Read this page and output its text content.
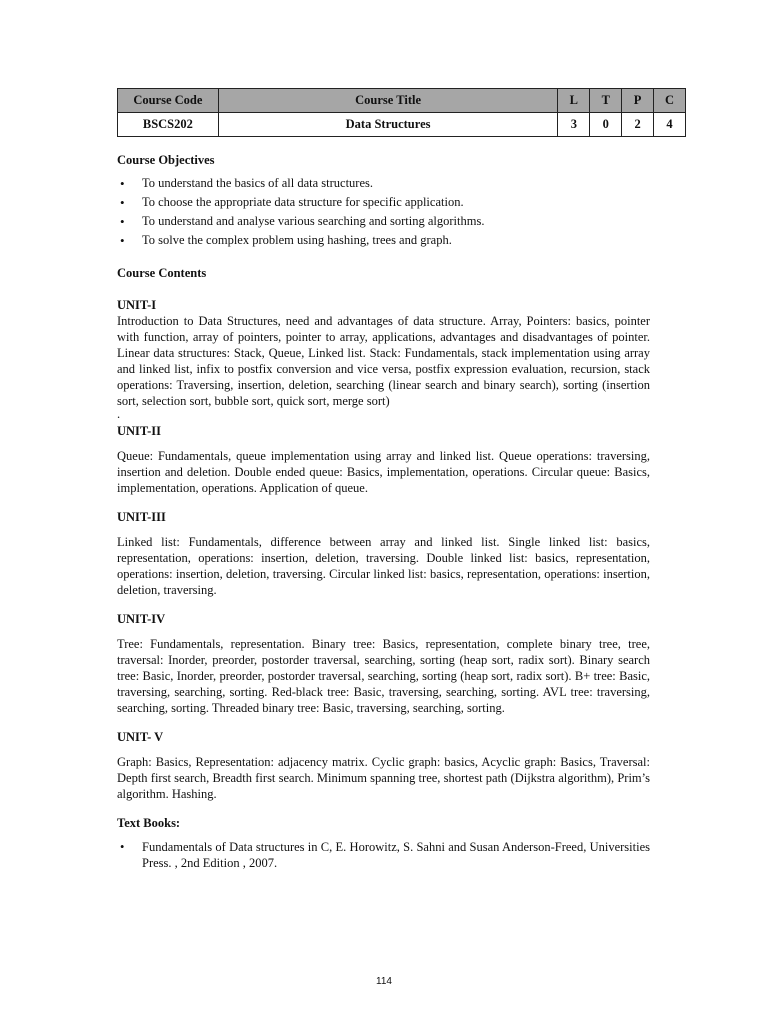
Course Code	Course Title	L	T	P	C
BSCS202	Data Structures	3	0	2	4
Course Objectives
• To understand the basics of all data structures.
• To choose the appropriate data structure for specific application.
• To understand and analyse various searching and sorting algorithms.
• To solve the complex problem using hashing, trees and graph.
Course Contents
UNIT-I

Introduction to Data Structures, need and advantages of data structure. Array, Pointers: basics, pointer with function, array of pointers, pointer to array, applications, advantages and disadvantages of pointer. Linear data structures: Stack, Queue, Linked list. Stack: Fundamentals, stack implementation using array and linked list, infix to postfix conversion and vice versa, postfix expression evaluation, recursion, stack operations: Traversing, insertion, deletion, searching (linear search and binary search), sorting (insertion sort, selection sort, bubble sort, quick sort, merge sort)

.

UNIT-II

Queue: Fundamentals, queue implementation using array and linked list. Queue operations: traversing, insertion and deletion. Double ended queue: Basics, implementation, operations. Circular queue: Basics, implementation, operations. Application of queue.

UNIT-III

Linked list: Fundamentals, difference between array and linked list. Single linked list: basics, representation, operations: insertion, deletion, traversing. Double linked list: basics, representation, operations: insertion, deletion, traversing. Circular linked list: basics, representation, operations: insertion, deletion, traversing.

UNIT-IV

Tree: Fundamentals, representation. Binary tree: Basics, representation, complete binary tree, tree, traversal: Inorder, preorder, postorder traversal, searching, sorting (heap sort, radix sort). Binary search tree: Basic, Inorder, preorder, postorder traversal, searching, sorting (heap sort, radix sort). B+ tree: Basic, traversing, searching, sorting. Red-black tree: Basic, traversing, searching, sorting. AVL tree: traversing, searching, sorting. Threaded binary tree: Basic, traversing, searching, sorting.

UNIT- V

Graph: Basics, Representation: adjacency matrix. Cyclic graph: basics, Acyclic graph: Basics, Traversal: Depth first search, Breadth first search. Minimum spanning tree, shortest path (Dijkstra algorithm), Prim’s algorithm. Hashing.

Text Books:
• Fundamentals of Data structures in C, E. Horowitz, S. Sahni and Susan Anderson-Freed, Universities Press. , 2nd Edition , 2007.
114
